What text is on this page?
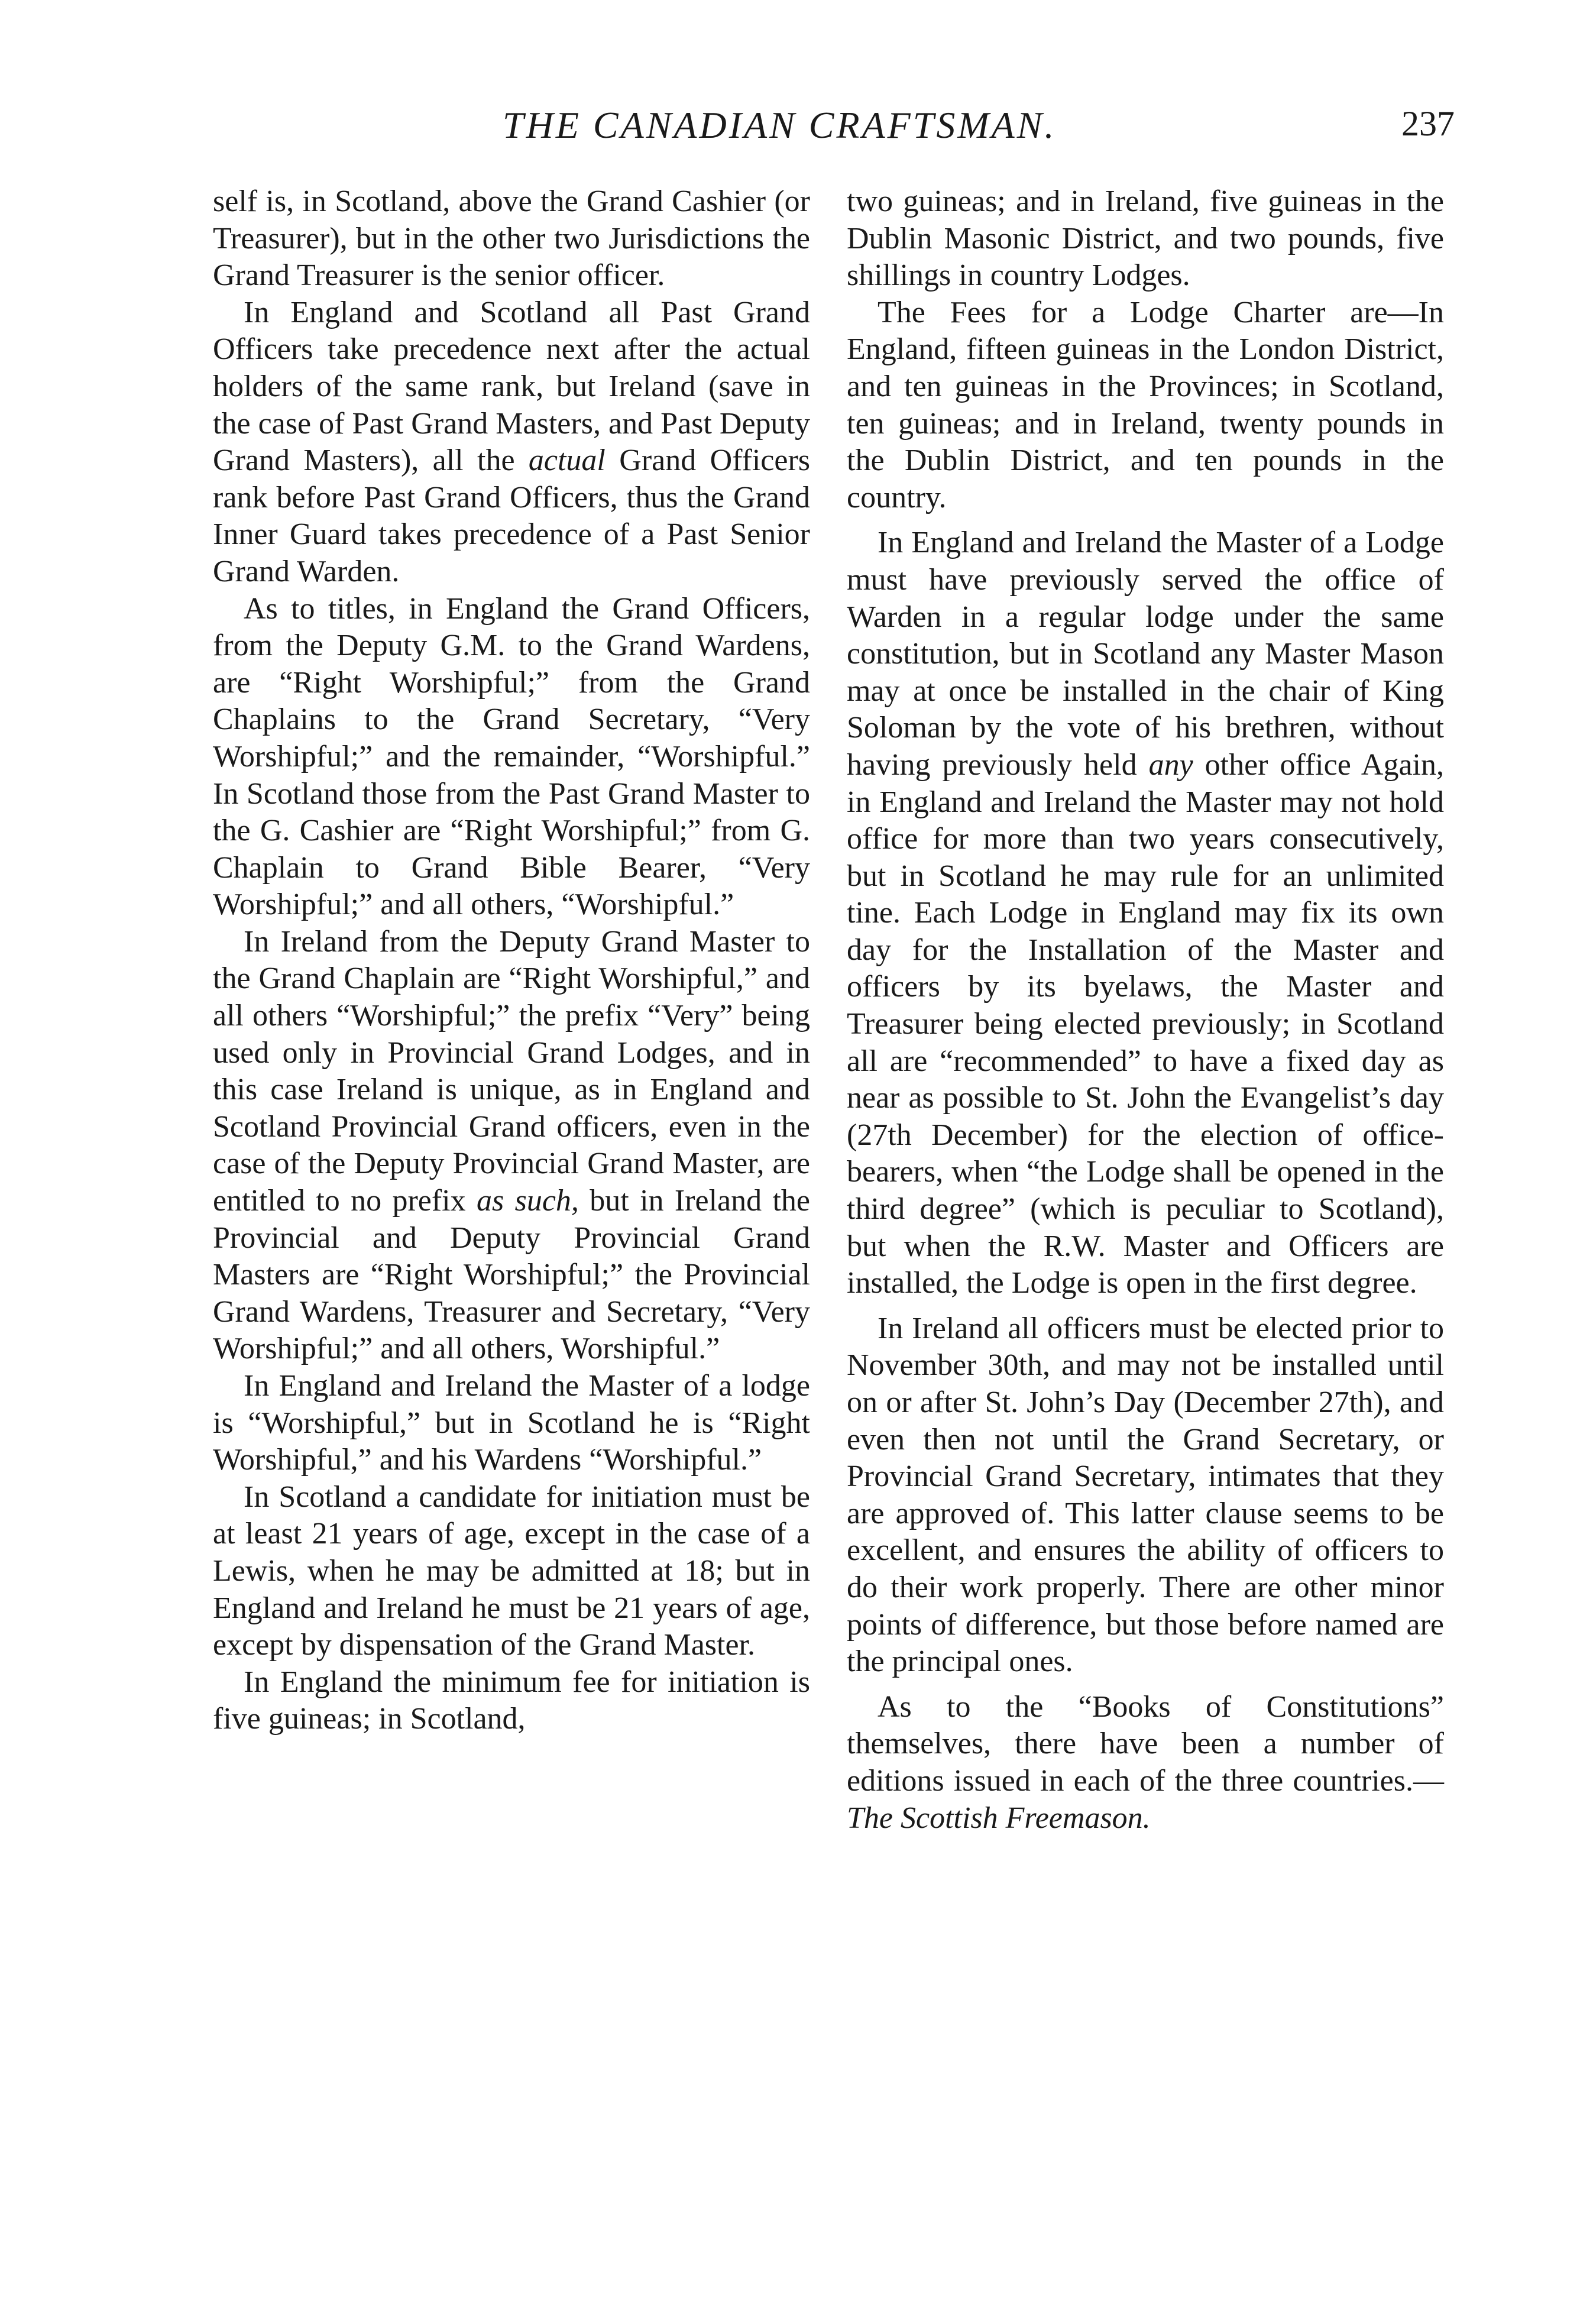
THE CANADIAN CRAFTSMAN.	237

self is, in Scotland, above the Grand Cashier (or Treasurer), but in the other two Jurisdictions the Grand Treasurer is the senior officer.

In England and Scotland all Past Grand Officers take precedence next after the actual holders of the same rank, but Ireland (save in the case of Past Grand Masters, and Past Deputy Grand Masters), all the actual Grand Officers rank before Past Grand Officers, thus the Grand Inner Guard takes precedence of a Past Senior Grand Warden.

As to titles, in England the Grand Officers, from the Deputy G.M. to the Grand Wardens, are “Right Worshipful;” from the Grand Chaplains to the Grand Secretary, “Very Worshipful;” and the remainder, “Worshipful.” In Scotland those from the Past Grand Master to the G. Cashier are “Right Worshipful;” from G. Chaplain to Grand Bible Bearer, “Very Worshipful;” and all others, “Worshipful.”

In Ireland from the Deputy Grand Master to the Grand Chaplain are “Right Worshipful,” and all others “Worshipful;” the prefix “Very” being used only in Provincial Grand Lodges, and in this case Ireland is unique, as in England and Scotland Provincial Grand officers, even in the case of the Deputy Provincial Grand Master, are entitled to no prefix as such, but in Ireland the Provincial and Deputy Provincial Grand Masters are “Right Worshipful;” the Provincial Grand Wardens, Treasurer and Secretary, “Very Worshipful;” and all others, Worshipful.”

In England and Ireland the Master of a lodge is “Worshipful,” but in Scotland he is “Right Worshipful,” and his Wardens “Worshipful.”

In Scotland a candidate for initiation must be at least 21 years of age, except in the case of a Lewis, when he may be admitted at 18; but in England and Ireland he must be 21 years of age, except by dispensation of the Grand Master.

In England the minimum fee for initiation is five guineas; in Scotland,

two guineas; and in Ireland, five guineas in the Dublin Masonic District, and two pounds, five shillings in country Lodges.

The Fees for a Lodge Charter are—In England, fifteen guineas in the London District, and ten guineas in the Provinces; in Scotland, ten guineas; and in Ireland, twenty pounds in the Dublin District, and ten pounds in the country.

In England and Ireland the Master of a Lodge must have previously served the office of Warden in a regular lodge under the same constitution, but in Scotland any Master Mason may at once be installed in the chair of King Soloman by the vote of his brethren, without having previously held any other office Again, in England and Ireland the Master may not hold office for more than two years consecutively, but in Scotland he may rule for an unlimited tine. Each Lodge in England may fix its own day for the Installation of the Master and officers by its byelaws, the Master and Treasurer being elected previously; in Scotland all are “recommended” to have a fixed day as near as possible to St. John the Evangelist’s day (27th December) for the election of office-bearers, when “the Lodge shall be opened in the third degree” (which is peculiar to Scotland), but when the R.W. Master and Officers are installed, the Lodge is open in the first degree.

In Ireland all officers must be elected prior to November 30th, and may not be installed until on or after St. John’s Day (December 27th), and even then not until the Grand Secretary, or Provincial Grand Secretary, intimates that they are approved of. This latter clause seems to be excellent, and ensures the ability of officers to do their work properly. There are other minor points of difference, but those before named are the principal ones.

As to the “Books of Constitutions” themselves, there have been a number of editions issued in each of the three countries.— The Scottish Freemason.
